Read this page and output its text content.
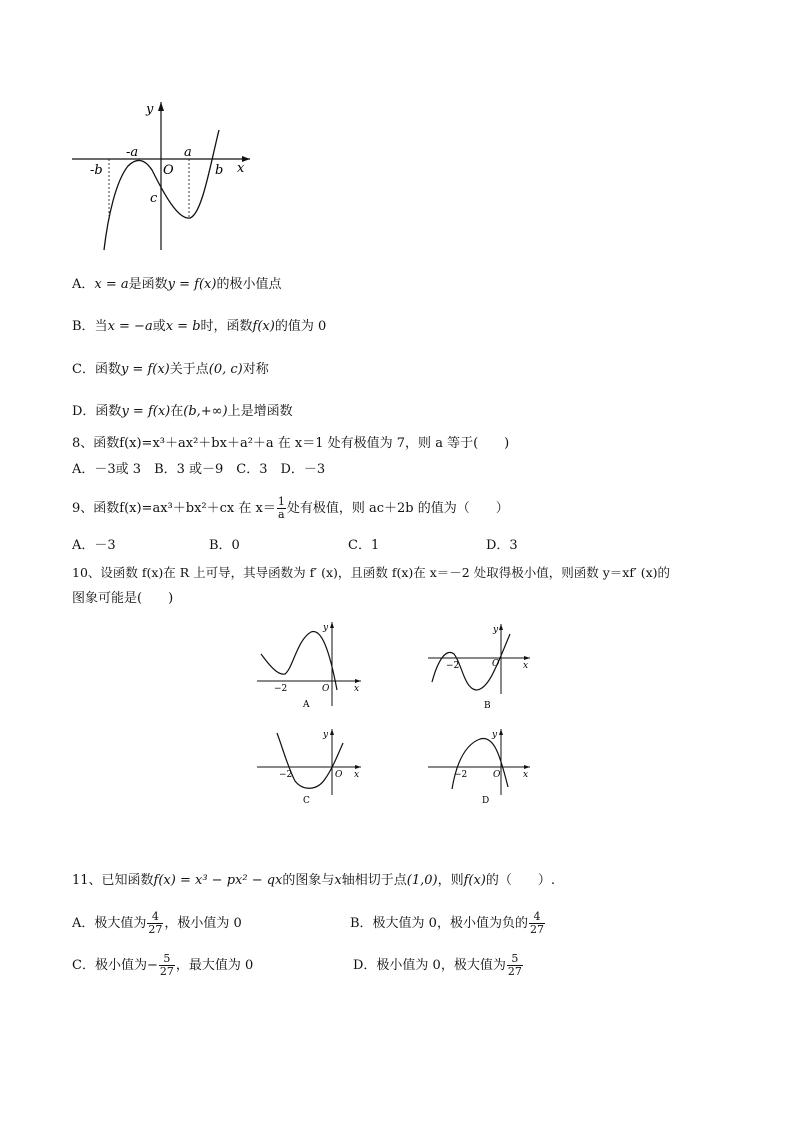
y
x
-b
-a
O
a
b
c
A．x = a是函数y = f(x)的极小值点
B．当x = −a或x = b时，函数f(x)的值为 0
C．函数y = f(x)关于点(0, c)对称
D．函数y = f(x)在(b,+∞)上是增函数
8、函数f(x)=x³＋ax²＋bx＋a²＋a 在 x＝1 处有极值为 7，则 a 等于(　　)
A．－3或 3　B．3 或－9　C．3　D．－3
9、函数f(x)=ax³＋bx²＋cx 在 $x= \frac{1}{a}$ 处有极值，则 ac＋2b 的值为（　　）
A．－3	B．0	C．1	D．3
10、设函数 f(x)在 R 上可导，其导函数为 f′ (x)，且函数 f(x)在 x＝－2 处取得极小值，则函数 y＝xf′ (x)的
图象可能是(　　)
y
x
O
−2
A
y
x
O
−2
B
y
x
O
−2
C
y
x
O
−2
D
11、已知函数f(x) = x³ − px² − qx的图象与x轴相切于点(1,0)，则f(x)的（　　）.
A．极大值为 $\frac{4}{27}$ ，极小值为 0	B．极大值为 0，极小值为负的 $\frac{4}{27}$
C．极小值为− $\frac{5}{27}$ ，最大值为 0	D．极小值为 0，极大值为 $\frac{5}{27}$
